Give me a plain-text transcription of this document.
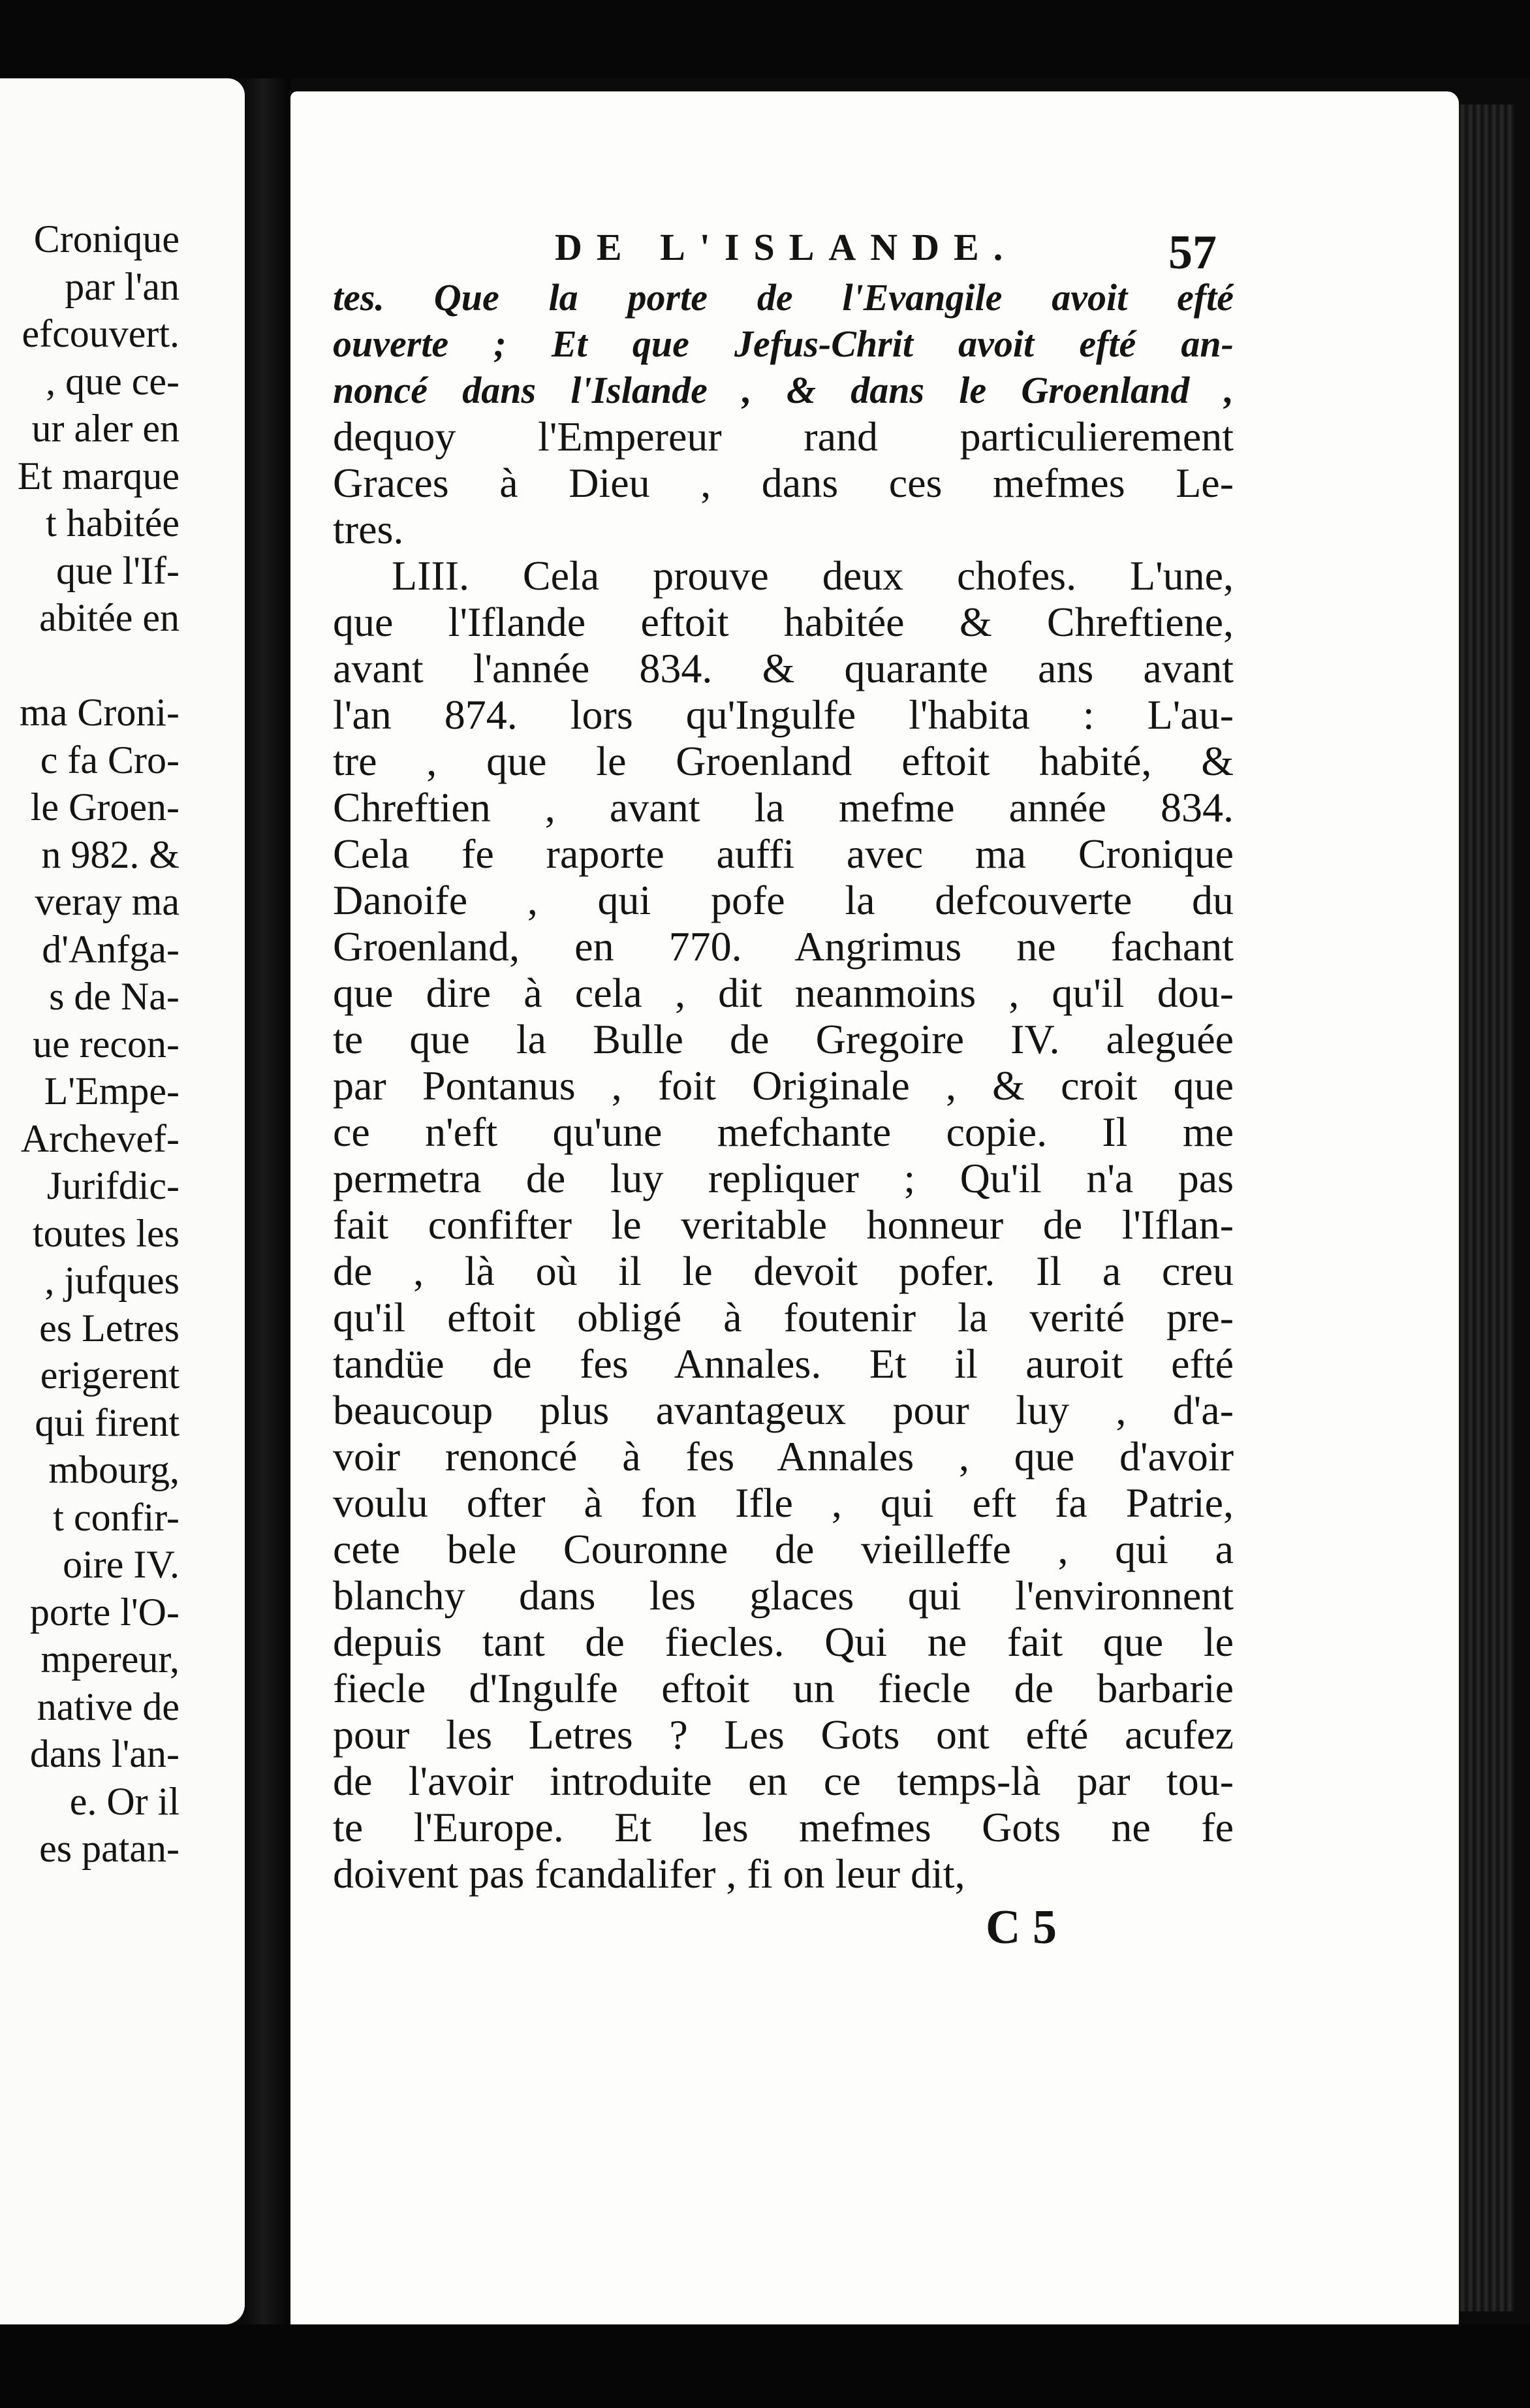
Cronique
par l'an
efcouvert.
, que ce-
ur aler en
Et marque
t habitée
que l'If-
abitée en
ma Croni-
c fa Cro-
le Groen-
n 982. &
veray ma
d'Anfga-
s de Na-
ue recon-
L'Empe-
Archevef-
Jurifdic-
toutes les
, jufques
es Letres
erigerent
qui firent
mbourg,
t confir-
oire IV.
porte l'O-
mpereur,
native de
dans l'an-
e. Or il
es patan-
DE L'ISLANDE.	57
tes. Que la porte de l'Evangile avoit efté
ouverte ; Et que Jefus-Chrit avoit efté an-
noncé dans l'Islande , & dans le Groenland ,
dequoy l'Empereur rand particulierement
Graces à Dieu , dans ces mefmes Le-
tres.
LIII. Cela prouve deux chofes. L'une,
que l'Iflande eftoit habitée & Chreftiene,
avant l'année 834. & quarante ans avant
l'an 874. lors qu'Ingulfe l'habita : L'au-
tre , que le Groenland eftoit habité, &
Chreftien , avant la mefme année 834.
Cela fe raporte auffi avec ma Cronique
Danoife , qui pofe la defcouverte du
Groenland, en 770. Angrimus ne fachant
que dire à cela , dit neanmoins , qu'il dou-
te que la Bulle de Gregoire IV. aleguée
par Pontanus , foit Originale , & croit que
ce n'eft qu'une mefchante copie. Il me
permetra de luy repliquer ; Qu'il n'a pas
fait confifter le veritable honneur de l'Iflan-
de , là où il le devoit pofer. Il a creu
qu'il eftoit obligé à foutenir la verité pre-
tandüe de fes Annales. Et il auroit efté
beaucoup plus avantageux pour luy , d'a-
voir renoncé à fes Annales , que d'avoir
voulu ofter à fon Ifle , qui eft fa Patrie,
cete bele Couronne de vieilleffe , qui a
blanchy dans les glaces qui l'environnent
depuis tant de fiecles. Qui ne fait que le
fiecle d'Ingulfe eftoit un fiecle de barbarie
pour les Letres ? Les Gots ont efté acufez
de l'avoir introduite en ce temps-là par tou-
te l'Europe. Et les mefmes Gots ne fe
doivent pas fcandalifer , fi on leur dit,
C 5
